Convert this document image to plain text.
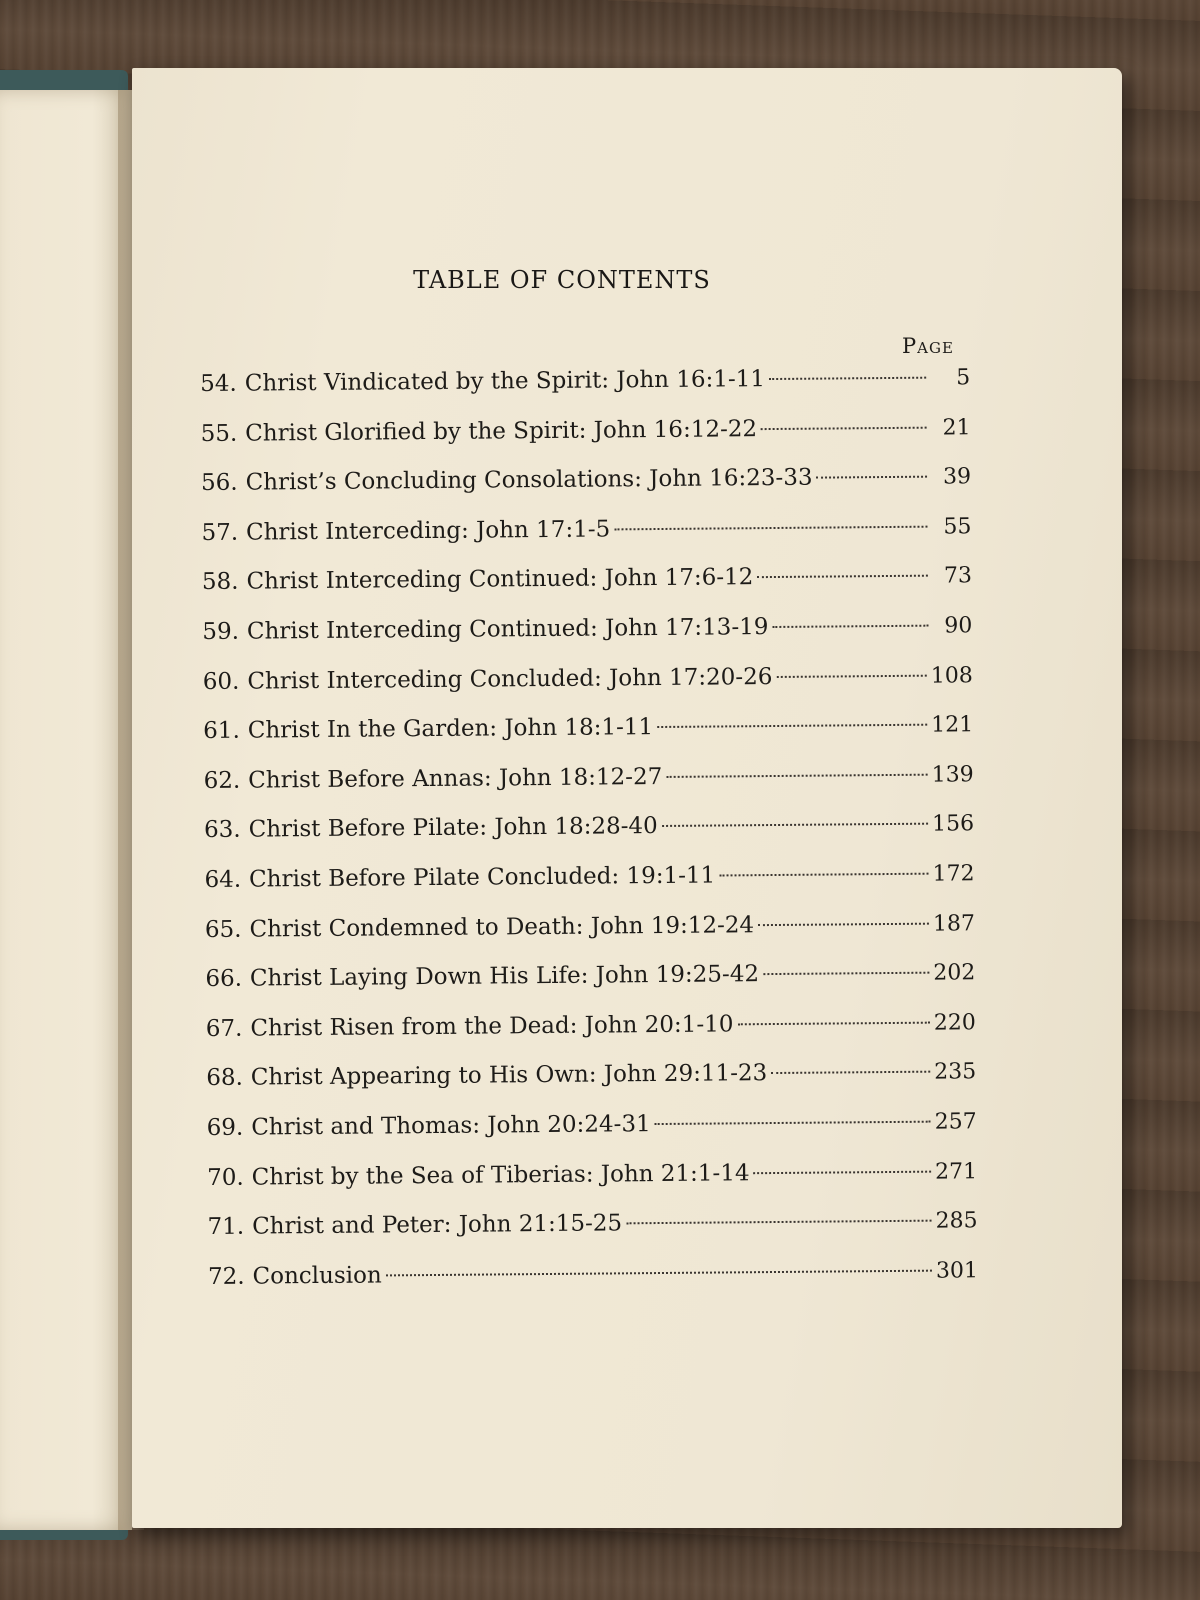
TABLE OF CONTENTS
Page
54. Christ Vindicated by the Spirit: John 16:1-11	5
55. Christ Glorified by the Spirit: John 16:12-22	21
56. Christ’s Concluding Consolations: John 16:23-33	39
57. Christ Interceding: John 17:1-5	55
58. Christ Interceding Continued: John 17:6-12	73
59. Christ Interceding Continued: John 17:13-19	90
60. Christ Interceding Concluded: John 17:20-26	108
61. Christ In the Garden: John 18:1-11	121
62. Christ Before Annas: John 18:12-27	139
63. Christ Before Pilate: John 18:28-40	156
64. Christ Before Pilate Concluded: 19:1-11	172
65. Christ Condemned to Death: John 19:12-24	187
66. Christ Laying Down His Life: John 19:25-42	202
67. Christ Risen from the Dead: John 20:1-10	220
68. Christ Appearing to His Own: John 29:11-23	235
69. Christ and Thomas: John 20:24-31	257
70. Christ by the Sea of Tiberias: John 21:1-14	271
71. Christ and Peter: John 21:15-25	285
72. Conclusion	301
